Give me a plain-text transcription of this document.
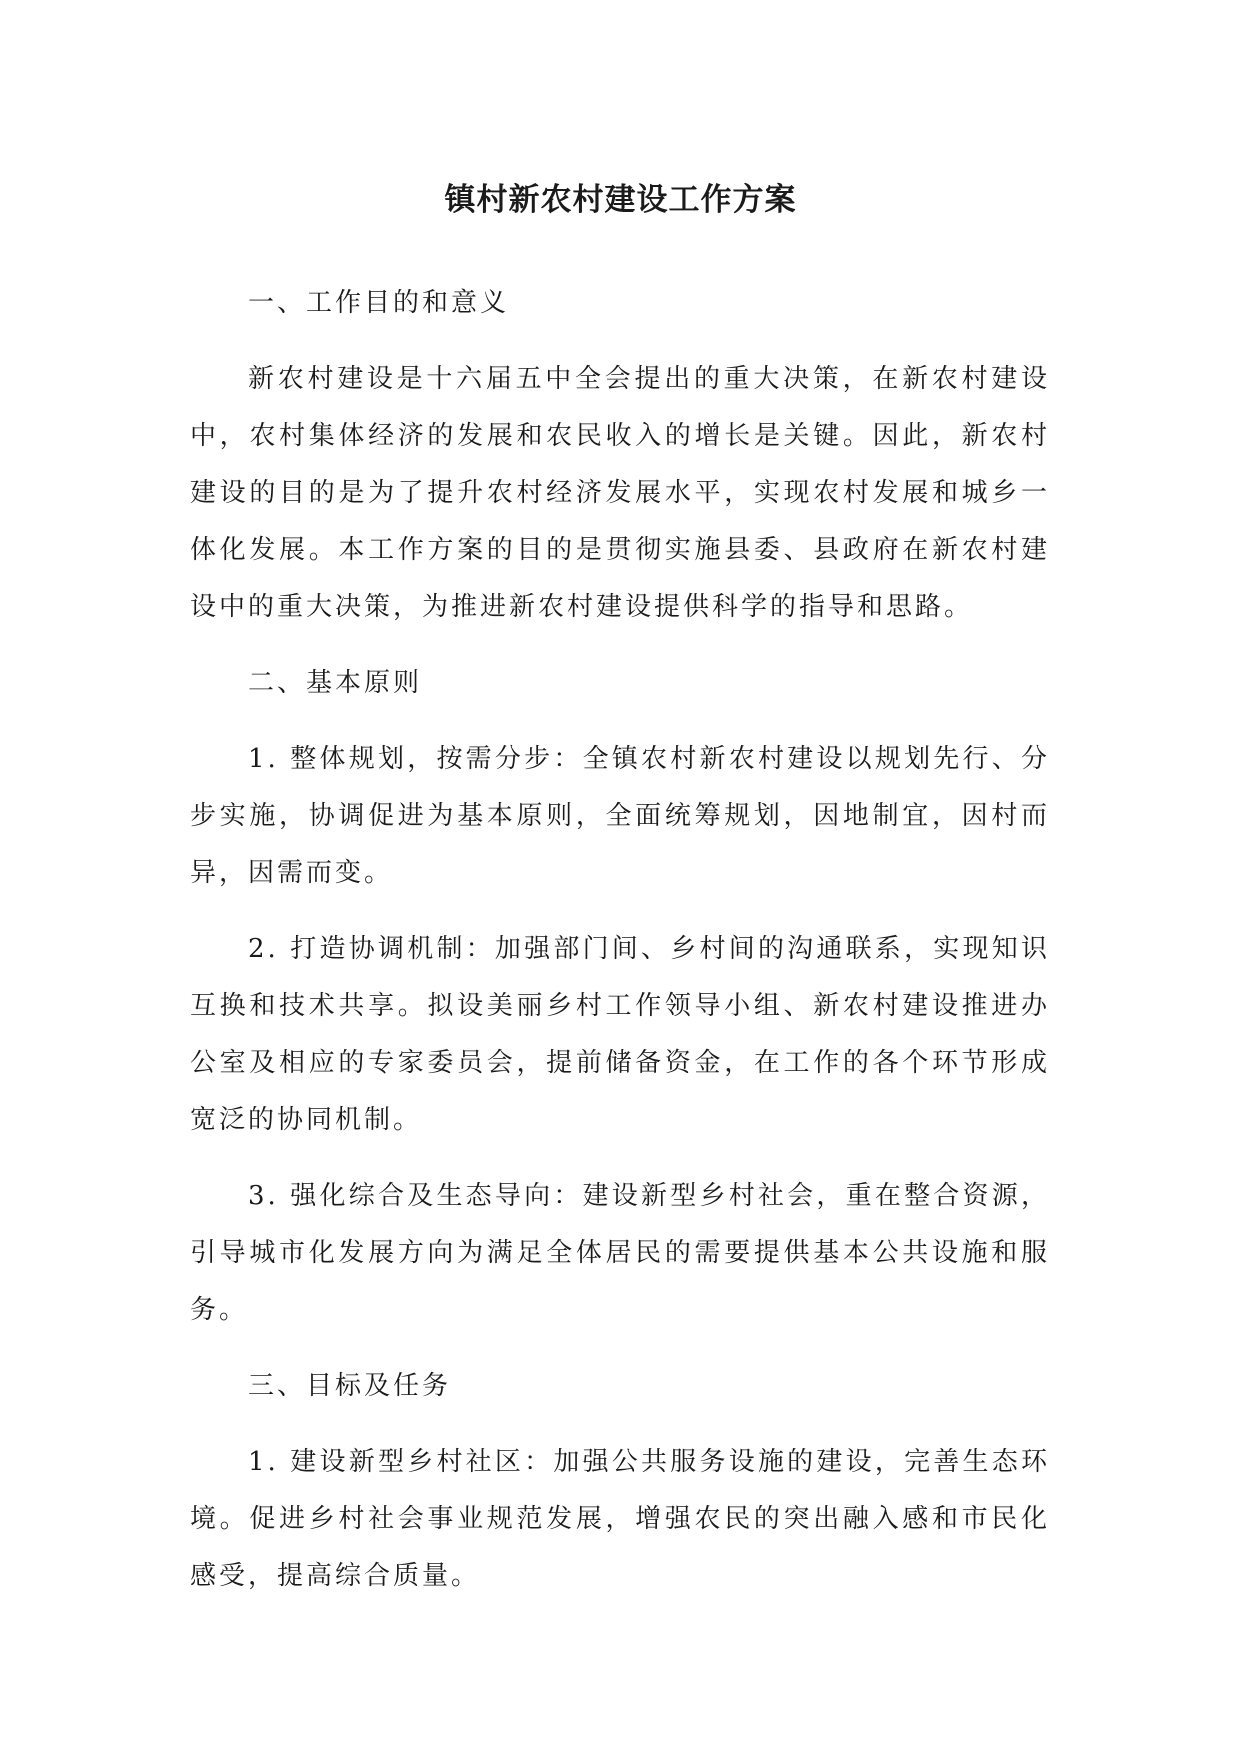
镇村新农村建设工作方案

一、工作目的和意义

新农村建设是十六届五中全会提出的重大决策，在新农村建设中，农村集体经济的发展和农民收入的增长是关键。因此，新农村建设的目的是为了提升农村经济发展水平，实现农村发展和城乡一体化发展。本工作方案的目的是贯彻实施县委、县政府在新农村建设中的重大决策，为推进新农村建设提供科学的指导和思路。

二、基本原则

1. 整体规划，按需分步：全镇农村新农村建设以规划先行、分步实施，协调促进为基本原则，全面统筹规划，因地制宜，因村而异，因需而变。

2. 打造协调机制：加强部门间、乡村间的沟通联系，实现知识互换和技术共享。拟设美丽乡村工作领导小组、新农村建设推进办公室及相应的专家委员会，提前储备资金，在工作的各个环节形成宽泛的协同机制。

3. 强化综合及生态导向：建设新型乡村社会，重在整合资源，引导城市化发展方向为满足全体居民的需要提供基本公共设施和服务。

三、目标及任务

1. 建设新型乡村社区：加强公共服务设施的建设，完善生态环境。促进乡村社会事业规范发展，增强农民的突出融入感和市民化感受，提高综合质量。
